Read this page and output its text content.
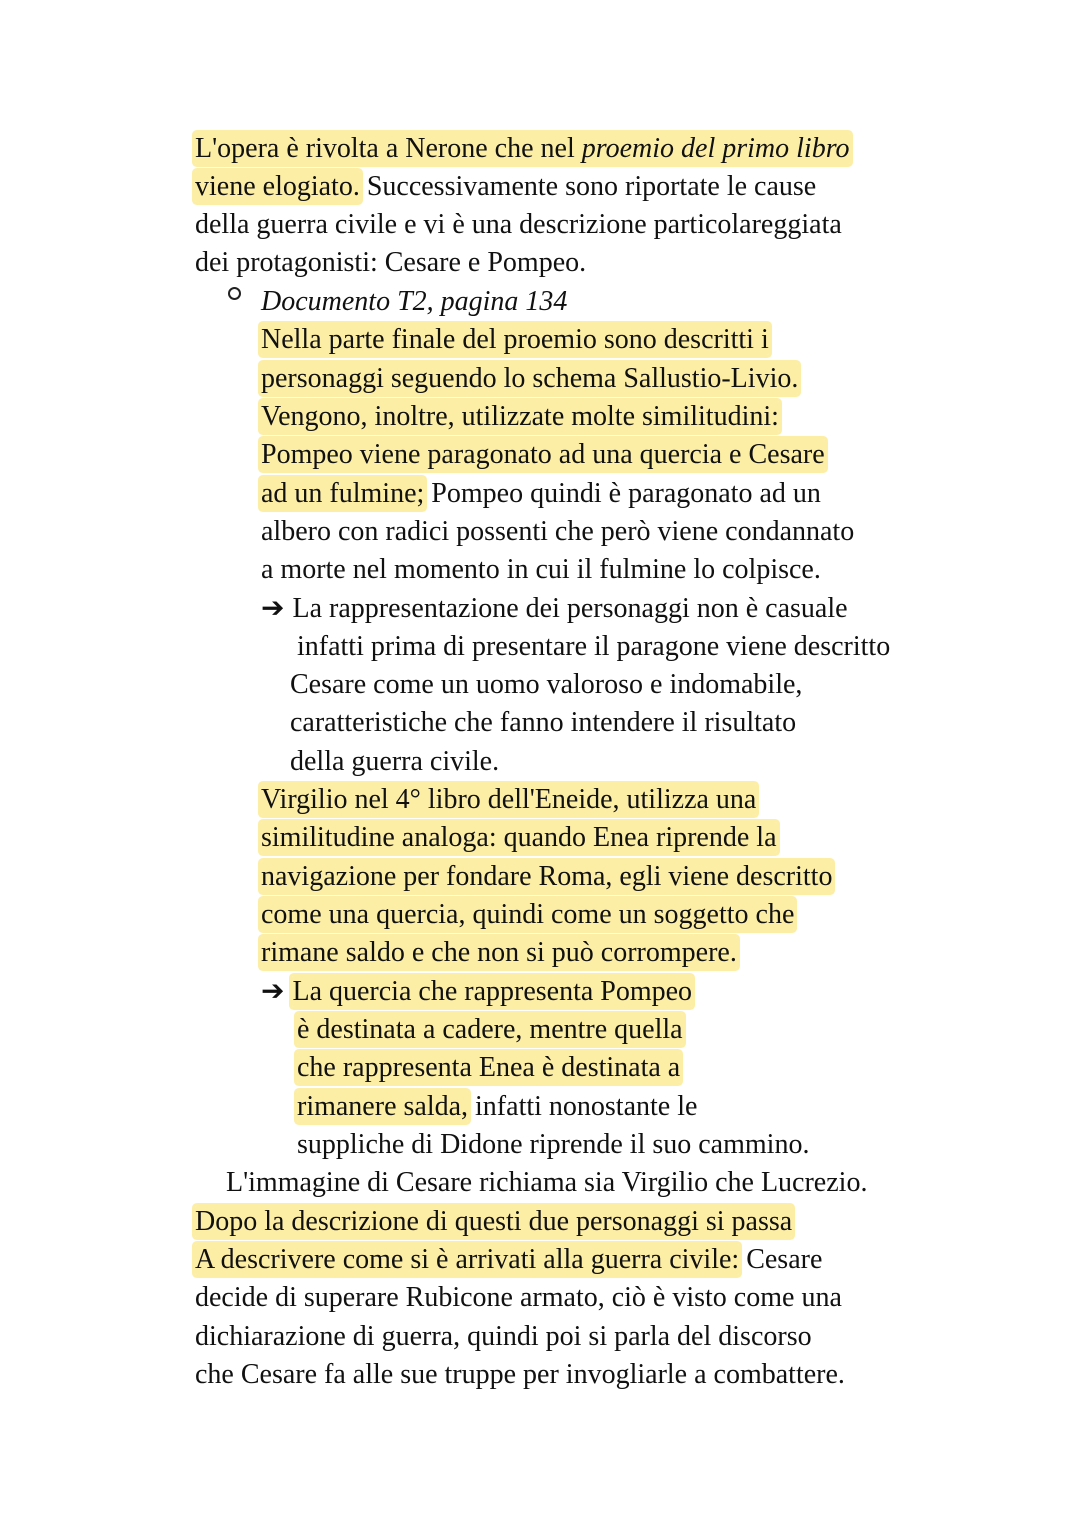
L'opera è rivolta a Nerone che nel proemio del primo libro
viene elogiato. Successivamente sono riportate le cause
della guerra civile e vi è una descrizione particolareggiata
dei protagonisti: Cesare e Pompeo.
Documento T2, pagina 134
Nella parte finale del proemio sono descritti i
personaggi seguendo lo schema Sallustio-Livio.
Vengono, inoltre, utilizzate molte similitudini:
Pompeo viene paragonato ad una quercia e Cesare
ad un fulmine; Pompeo quindi è paragonato ad un
albero con radici possenti che però viene condannato
a morte nel momento in cui il fulmine lo colpisce.
➔ La rappresentazione dei personaggi non è casuale
infatti prima di presentare il paragone viene descritto
Cesare come un uomo valoroso e indomabile,
caratteristiche che fanno intendere il risultato
della guerra civile.
Virgilio nel 4° libro dell'Eneide, utilizza una
similitudine analoga: quando Enea riprende la
navigazione per fondare Roma, egli viene descritto
come una quercia, quindi come un soggetto che
rimane saldo e che non si può corrompere.
➔ La quercia che rappresenta Pompeo
è destinata a cadere, mentre quella
che rappresenta Enea è destinata a
rimanere salda, infatti nonostante le
suppliche di Didone riprende il suo cammino.
L'immagine di Cesare richiama sia Virgilio che Lucrezio.
Dopo la descrizione di questi due personaggi si passa
A descrivere come si è arrivati alla guerra civile: Cesare
decide di superare Rubicone armato, ciò è visto come una
dichiarazione di guerra, quindi poi si parla del discorso
che Cesare fa alle sue truppe per invogliarle a combattere.
